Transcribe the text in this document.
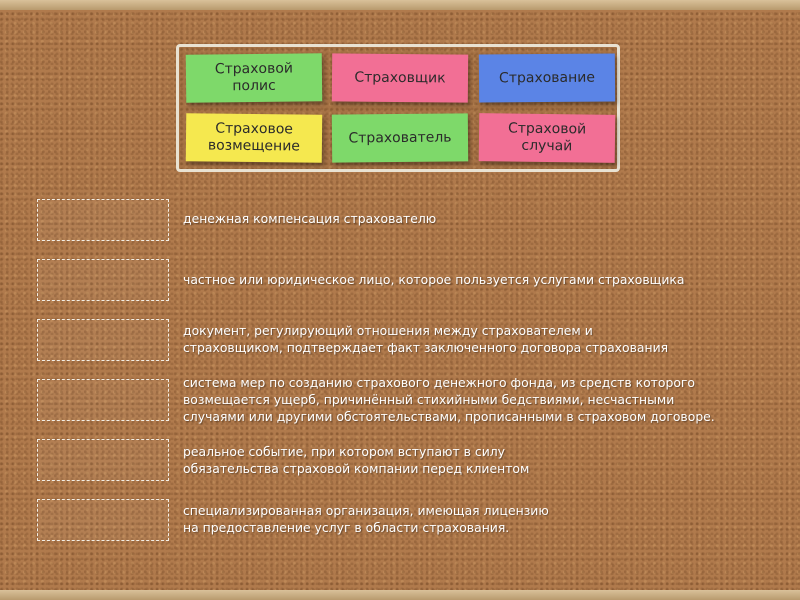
Страховой
полис
Страховщик	Страхование
Страховое
возмещение
Страхователь
Страховой
случай
денежная компенсация страхователю
частное или юридическое лицо, которое пользуется услугами страховщика
документ, регулирующий отношения между страхователем и
страховщиком, подтверждает факт заключенного договора страхования
система мер по созданию страхового денежного фонда, из средств которого
возмещается ущерб, причинённый стихийными бедствиями, несчастными
случаями или другими обстоятельствами, прописанными в страховом договоре.
реальное событие, при котором вступают в силу
обязательства страховой компании перед клиентом
специализированная организация, имеющая лицензию
на предоставление услуг в области страхования.
